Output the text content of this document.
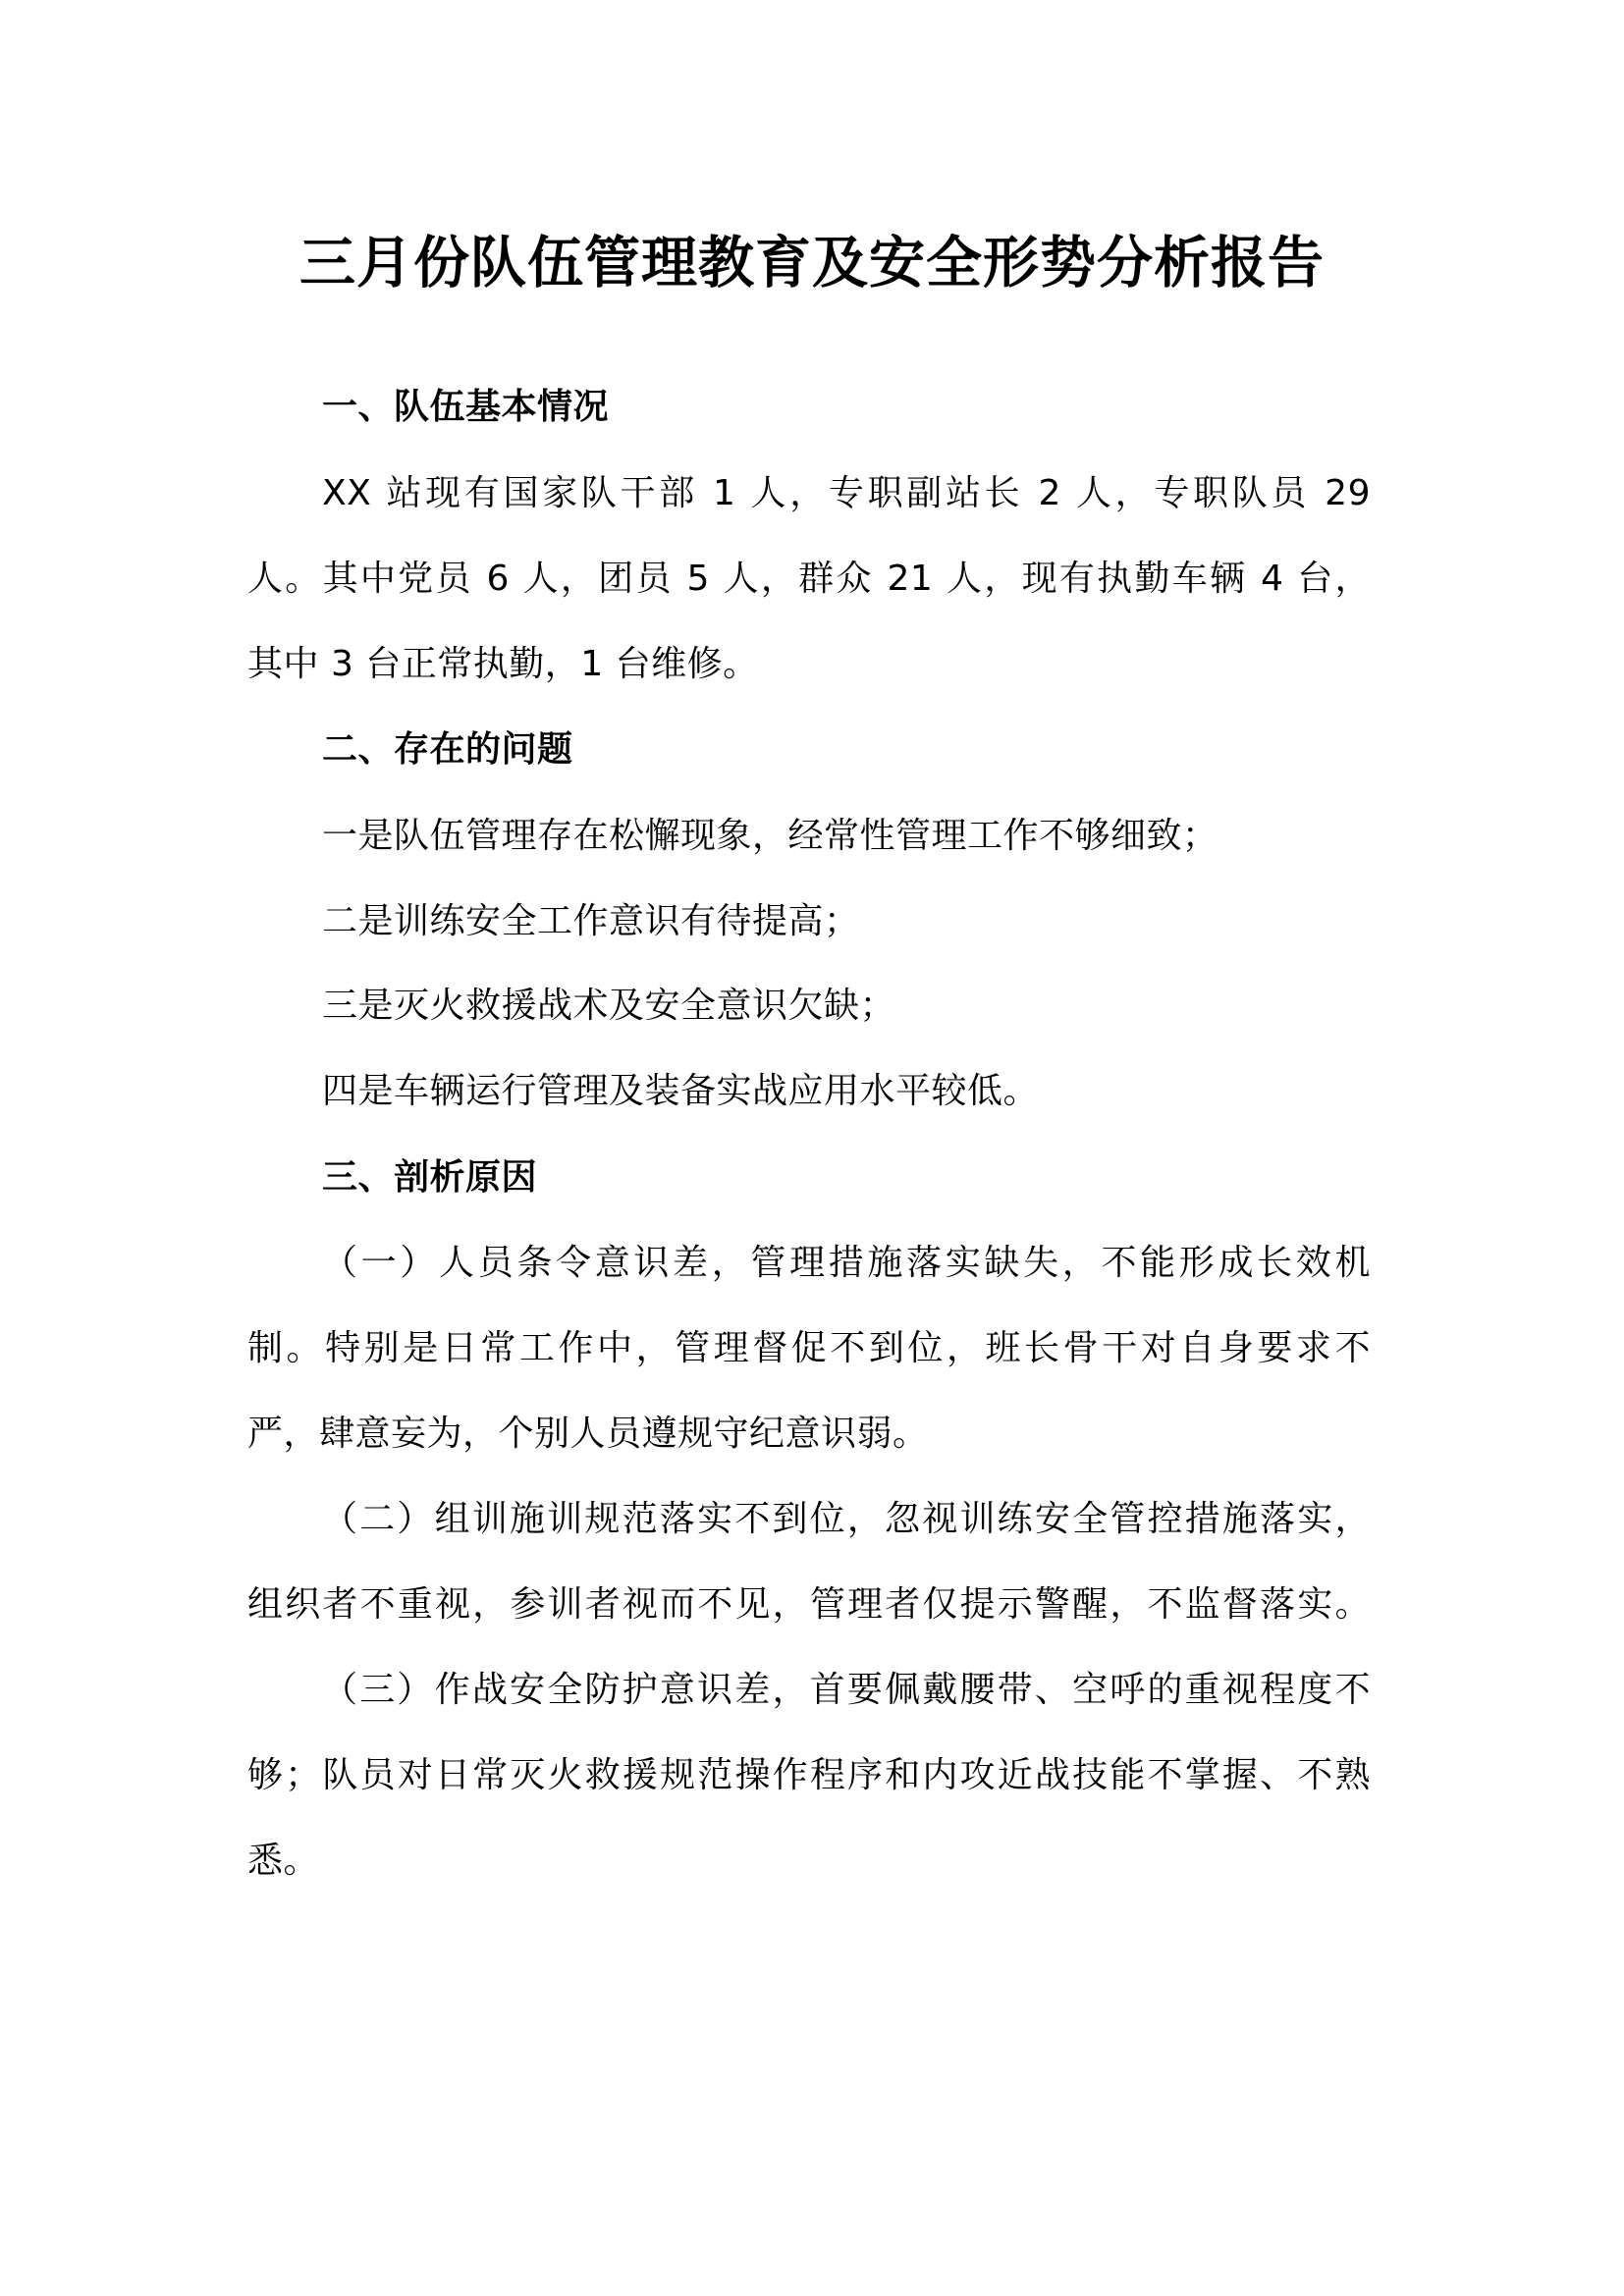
三月份队伍管理教育及安全形势分析报告
一、队伍基本情况
XX 站现有国家队干部 1 人，专职副站长 2 人，专职队员 29
人。其中党员 6 人，团员 5 人，群众 21 人，现有执勤车辆 4 台，
其中 3 台正常执勤，1 台维修。
二、存在的问题
一是队伍管理存在松懈现象，经常性管理工作不够细致；
二是训练安全工作意识有待提高；
三是灭火救援战术及安全意识欠缺；
四是车辆运行管理及装备实战应用水平较低。
三、剖析原因
（一）人员条令意识差，管理措施落实缺失，不能形成长效机
制。特别是日常工作中，管理督促不到位，班长骨干对自身要求不
严，肆意妄为，个别人员遵规守纪意识弱。
（二）组训施训规范落实不到位，忽视训练安全管控措施落实，
组织者不重视，参训者视而不见，管理者仅提示警醒，不监督落实。
（三）作战安全防护意识差，首要佩戴腰带、空呼的重视程度不
够；队员对日常灭火救援规范操作程序和内攻近战技能不掌握、不熟
悉。
